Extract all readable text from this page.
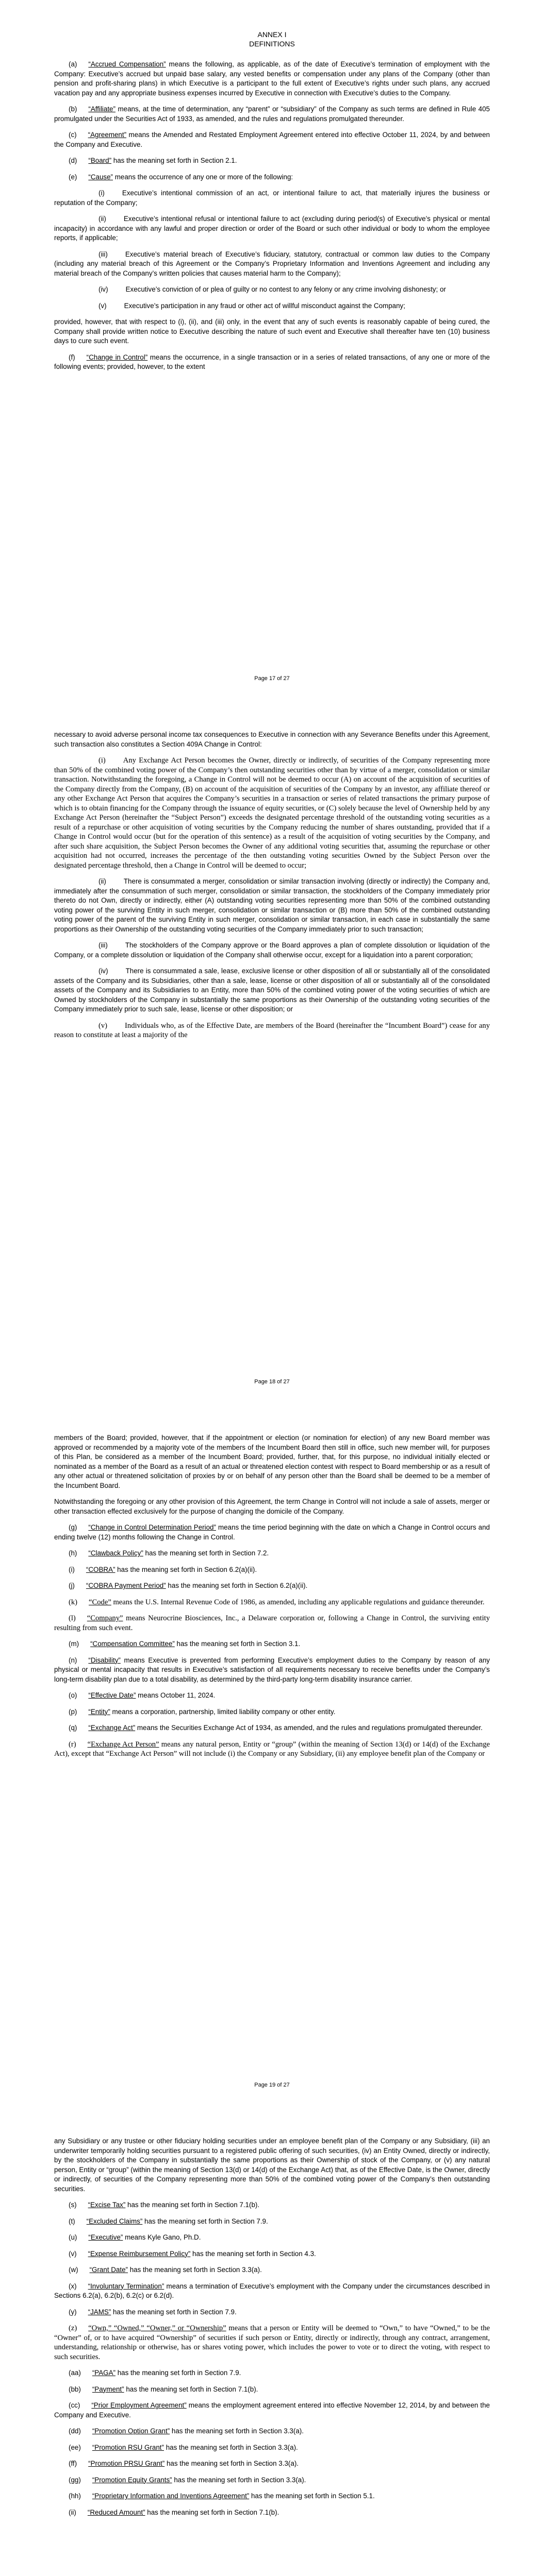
ANNEX I
DEFINITIONS

(a) “Accrued Compensation” means the following, as applicable, as of the date of Executive’s termination of employment with the Company: Executive’s accrued but unpaid base salary, any vested benefits or compensation under any plans of the Company (other than pension and profit-sharing plans) in which Executive is a participant to the full extent of Executive’s rights under such plans, any accrued vacation pay and any appropriate business expenses incurred by Executive in connection with Executive’s duties to the Company.

(b) “Affiliate” means, at the time of determination, any “parent” or “subsidiary” of the Company as such terms are defined in Rule 405 promulgated under the Securities Act of 1933, as amended, and the rules and regulations promulgated thereunder.

(c) “Agreement” means the Amended and Restated Employment Agreement entered into effective October 11, 2024, by and between the Company and Executive.

(d) “Board” has the meaning set forth in Section 2.1.

(e) “Cause” means the occurrence of any one or more of the following:

(i)	Executive’s intentional commission of an act, or intentional failure to act, that materially injures the business or reputation of the Company;

(ii)	Executive’s intentional refusal or intentional failure to act (excluding during period(s) of Executive’s physical or mental incapacity) in accordance with any lawful and proper direction or order of the Board or such other individual or body to whom the employee reports, if applicable;

(iii)	Executive’s material breach of Executive’s fiduciary, statutory, contractual or common law duties to the Company (including any material breach of this Agreement or the Company’s Proprietary Information and Inventions Agreement and including any material breach of the Company’s written policies that causes material harm to the Company);

(iv)	Executive’s conviction of or plea of guilty or no contest to any felony or any crime involving dishonesty; or

(v)	Executive’s participation in any fraud or other act of willful misconduct against the Company;

provided, however, that with respect to (i), (ii), and (iii) only, in the event that any of such events is reasonably capable of being cured, the Company shall provide written notice to Executive describing the nature of such event and Executive shall thereafter have ten (10) business days to cure such event.

(f) “Change in Control” means the occurrence, in a single transaction or in a series of related transactions, of any one or more of the following events; provided, however, to the extent

Page 17 of 27

necessary to avoid adverse personal income tax consequences to Executive in connection with any Severance Benefits under this Agreement, such transaction also constitutes a Section 409A Change in Control:

(i) Any Exchange Act Person becomes the Owner, directly or indirectly, of securities of the Company representing more than 50% of the combined voting power of the Company’s then outstanding securities other than by virtue of a merger, consolidation or similar transaction. Notwithstanding the foregoing, a Change in Control will not be deemed to occur (A) on account of the acquisition of securities of the Company directly from the Company, (B) on account of the acquisition of securities of the Company by an investor, any affiliate thereof or any other Exchange Act Person that acquires the Company’s securities in a transaction or series of related transactions the primary purpose of which is to obtain financing for the Company through the issuance of equity securities, or (C) solely because the level of Ownership held by any Exchange Act Person (hereinafter the “Subject Person”) exceeds the designated percentage threshold of the outstanding voting securities as a result of a repurchase or other acquisition of voting securities by the Company reducing the number of shares outstanding, provided that if a Change in Control would occur (but for the operation of this sentence) as a result of the acquisition of voting securities by the Company, and after such share acquisition, the Subject Person becomes the Owner of any additional voting securities that, assuming the repurchase or other acquisition had not occurred, increases the percentage of the then outstanding voting securities Owned by the Subject Person over the designated percentage threshold, then a Change in Control will be deemed to occur;

(ii)	There is consummated a merger, consolidation or similar transaction involving (directly or indirectly) the Company and, immediately after the consummation of such merger, consolidation or similar transaction, the stockholders of the Company immediately prior thereto do not Own, directly or indirectly, either (A) outstanding voting securities representing more than 50% of the combined outstanding voting power of the surviving Entity in such merger, consolidation or similar transaction or (B) more than 50% of the combined outstanding voting power of the parent of the surviving Entity in such merger, consolidation or similar transaction, in each case in substantially the same proportions as their Ownership of the outstanding voting securities of the Company immediately prior to such transaction;

(iii)	The stockholders of the Company approve or the Board approves a plan of complete dissolution or liquidation of the Company, or a complete dissolution or liquidation of the Company shall otherwise occur, except for a liquidation into a parent corporation;

(iv)	There is consummated a sale, lease, exclusive license or other disposition of all or substantially all of the consolidated assets of the Company and its Subsidiaries, other than a sale, lease, license or other disposition of all or substantially all of the consolidated assets of the Company and its Subsidiaries to an Entity, more than 50% of the combined voting power of the voting securities of which are Owned by stockholders of the Company in substantially the same proportions as their Ownership of the outstanding voting securities of the Company immediately prior to such sale, lease, license or other disposition; or

(v) Individuals who, as of the Effective Date, are members of the Board (hereinafter the “Incumbent Board”) cease for any reason to constitute at least a majority of the

Page 18 of 27

members of the Board; provided, however, that if the appointment or election (or nomination for election) of any new Board member was approved or recommended by a majority vote of the members of the Incumbent Board then still in office, such new member will, for purposes of this Plan, be considered as a member of the Incumbent Board; provided, further, that, for this purpose, no individual initially elected or nominated as a member of the Board as a result of an actual or threatened election contest with respect to Board membership or as a result of any other actual or threatened solicitation of proxies by or on behalf of any person other than the Board shall be deemed to be a member of the Incumbent Board.

Notwithstanding the foregoing or any other provision of this Agreement, the term Change in Control will not include a sale of assets, merger or other transaction effected exclusively for the purpose of changing the domicile of the Company.

(g) “Change in Control Determination Period” means the time period beginning with the date on which a Change in Control occurs and ending twelve (12) months following the Change in Control.

(h) “Clawback Policy” has the meaning set forth in Section 7.2.

(i) “COBRA” has the meaning set forth in Section 6.2(a)(ii).

(j) “COBRA Payment Period” has the meaning set forth in Section 6.2(a)(ii).

(k) “Code” means the U.S. Internal Revenue Code of 1986, as amended, including any applicable regulations and guidance thereunder.

(l) “Company” means Neurocrine Biosciences, Inc., a Delaware corporation or, following a Change in Control, the surviving entity resulting from such event.

(m) “Compensation Committee” has the meaning set forth in Section 3.1.

(n) “Disability” means Executive is prevented from performing Executive’s employment duties to the Company by reason of any physical or mental incapacity that results in Executive’s satisfaction of all requirements necessary to receive benefits under the Company’s long-term disability plan due to a total disability, as determined by the third-party long-term disability insurance carrier.

(o) “Effective Date” means October 11, 2024.

(p) “Entity” means a corporation, partnership, limited liability company or other entity.

(q) “Exchange Act” means the Securities Exchange Act of 1934, as amended, and the rules and regulations promulgated thereunder.

(r) “Exchange Act Person” means any natural person, Entity or “group” (within the meaning of Section 13(d) or 14(d) of the Exchange Act), except that “Exchange Act Person” will not include (i) the Company or any Subsidiary, (ii) any employee benefit plan of the Company or

Page 19 of 27

any Subsidiary or any trustee or other fiduciary holding securities under an employee benefit plan of the Company or any Subsidiary, (iii) an underwriter temporarily holding securities pursuant to a registered public offering of such securities, (iv) an Entity Owned, directly or indirectly, by the stockholders of the Company in substantially the same proportions as their Ownership of stock of the Company, or (v) any natural person, Entity or “group” (within the meaning of Section 13(d) or 14(d) of the Exchange Act) that, as of the Effective Date, is the Owner, directly or indirectly, of securities of the Company representing more than 50% of the combined voting power of the Company’s then outstanding securities.

(s) “Excise Tax” has the meaning set forth in Section 7.1(b).

(t) “Excluded Claims” has the meaning set forth in Section 7.9.

(u) “Executive” means Kyle Gano, Ph.D.

(v) “Expense Reimbursement Policy” has the meaning set forth in Section 4.3.

(w) “Grant Date” has the meaning set forth in Section 3.3(a).

(x) “Involuntary Termination” means a termination of Executive’s employment with the Company under the circumstances described in Sections 6.2(a), 6.2(b), 6.2(c) or 6.2(d).

(y) “JAMS” has the meaning set forth in Section 7.9.

(z) “Own,” “Owned,” “Owner,” or “Ownership” means that a person or Entity will be deemed to “Own,” to have “Owned,” to be the “Owner” of, or to have acquired “Ownership” of securities if such person or Entity, directly or indirectly, through any contract, arrangement, understanding, relationship or otherwise, has or shares voting power, which includes the power to vote or to direct the voting, with respect to such securities.

(aa) “PAGA” has the meaning set forth in Section 7.9.

(bb) “Payment” has the meaning set forth in Section 7.1(b).

(cc) “Prior Employment Agreement” means the employment agreement entered into effective November 12, 2014, by and between the Company and Executive.

(dd) “Promotion Option Grant” has the meaning set forth in Section 3.3(a).

(ee) “Promotion RSU Grant” has the meaning set forth in Section 3.3(a).

(ff) “Promotion PRSU Grant” has the meaning set forth in Section 3.3(a).

(gg) “Promotion Equity Grants” has the meaning set forth in Section 3.3(a).

(hh) “Proprietary Information and Inventions Agreement” has the meaning set forth in Section 5.1.

(ii) “Reduced Amount” has the meaning set forth in Section 7.1(b).
